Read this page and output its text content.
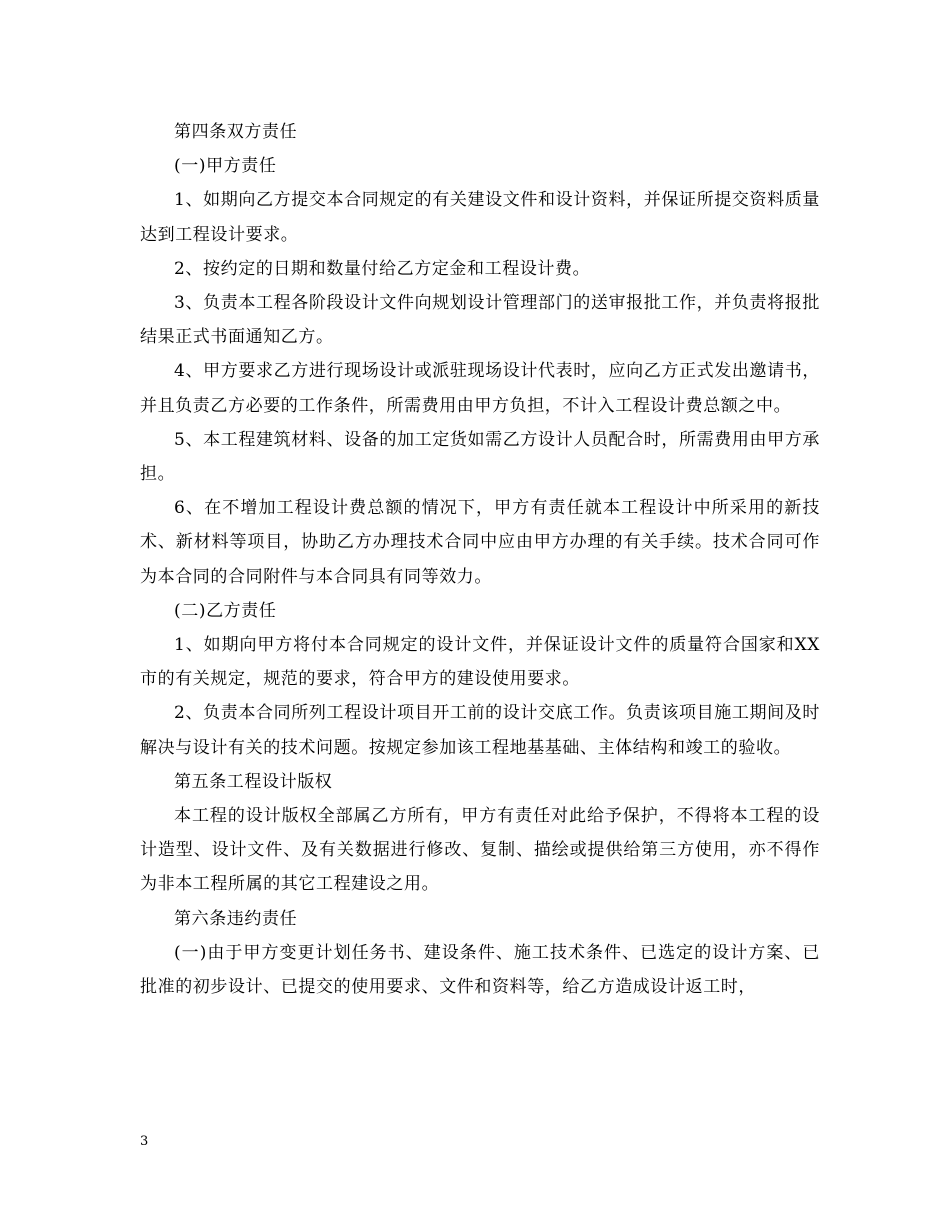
第四条双方责任

(一)甲方责任

1、如期向乙方提交本合同规定的有关建设文件和设计资料，并保证所提交资料质量达到工程设计要求。

2、按约定的日期和数量付给乙方定金和工程设计费。

3、负责本工程各阶段设计文件向规划设计管理部门的送审报批工作，并负责将报批结果正式书面通知乙方。

4、甲方要求乙方进行现场设计或派驻现场设计代表时，应向乙方正式发出邀请书，并且负责乙方必要的工作条件，所需费用由甲方负担，不计入工程设计费总额之中。

5、本工程建筑材料、设备的加工定货如需乙方设计人员配合时，所需费用由甲方承担。

6、在不增加工程设计费总额的情况下，甲方有责任就本工程设计中所采用的新技术、新材料等项目，协助乙方办理技术合同中应由甲方办理的有关手续。技术合同可作为本合同的合同附件与本合同具有同等效力。

(二)乙方责任

1、如期向甲方将付本合同规定的设计文件，并保证设计文件的质量符合国家和XX市的有关规定，规范的要求，符合甲方的建设使用要求。

2、负责本合同所列工程设计项目开工前的设计交底工作。负责该项目施工期间及时解决与设计有关的技术问题。按规定参加该工程地基基础、主体结构和竣工的验收。

第五条工程设计版权

本工程的设计版权全部属乙方所有，甲方有责任对此给予保护，不得将本工程的设计造型、设计文件、及有关数据进行修改、复制、描绘或提供给第三方使用，亦不得作为非本工程所属的其它工程建设之用。

第六条违约责任

(一)由于甲方变更计划任务书、建设条件、施工技术条件、已选定的设计方案、已批准的初步设计、已提交的使用要求、文件和资料等，给乙方造成设计返工时，

3
